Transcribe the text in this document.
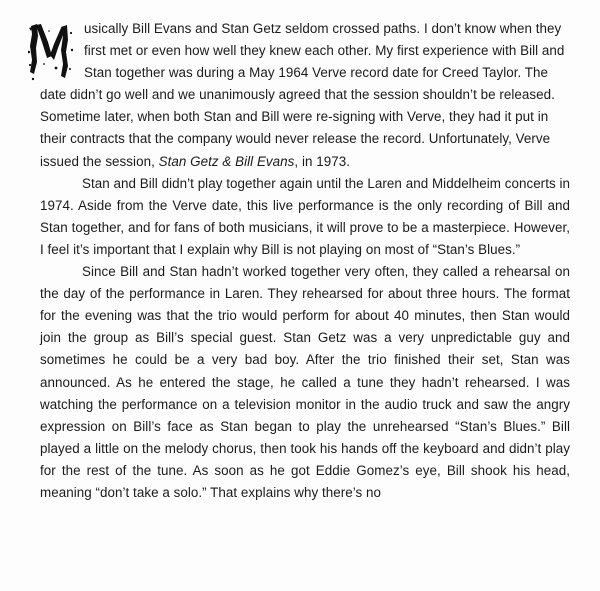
usically Bill Evans and Stan Getz seldom crossed paths. I don’t know when they first met or even how well they knew each other. My first experience with Bill and Stan together was during a May 1964 Verve record date for Creed Taylor. The date didn’t go well and we unanimously agreed that the session shouldn’t be released. Sometime later, when both Stan and Bill were re-signing with Verve, they had it put in their contracts that the company would never release the record. Unfortunately, Verve issued the session, Stan Getz & Bill Evans, in 1973.

Stan and Bill didn’t play together again until the Laren and Middelheim concerts in 1974. Aside from the Verve date, this live performance is the only recording of Bill and Stan together, and for fans of both musicians, it will prove to be a masterpiece. However, I feel it’s important that I explain why Bill is not playing on most of “Stan’s Blues.”

Since Bill and Stan hadn’t worked together very often, they called a rehearsal on the day of the performance in Laren. They rehearsed for about three hours. The format for the evening was that the trio would perform for about 40 minutes, then Stan would join the group as Bill’s special guest. Stan Getz was a very unpredictable guy and sometimes he could be a very bad boy. After the trio finished their set, Stan was announced. As he entered the stage, he called a tune they hadn’t rehearsed. I was watching the performance on a television monitor in the audio truck and saw the angry expression on Bill’s face as Stan began to play the unrehearsed “Stan’s Blues.” Bill played a little on the melody chorus, then took his hands off the keyboard and didn’t play for the rest of the tune. As soon as he got Eddie Gomez’s eye, Bill shook his head, meaning “don’t take a solo.” That explains why there’s no
